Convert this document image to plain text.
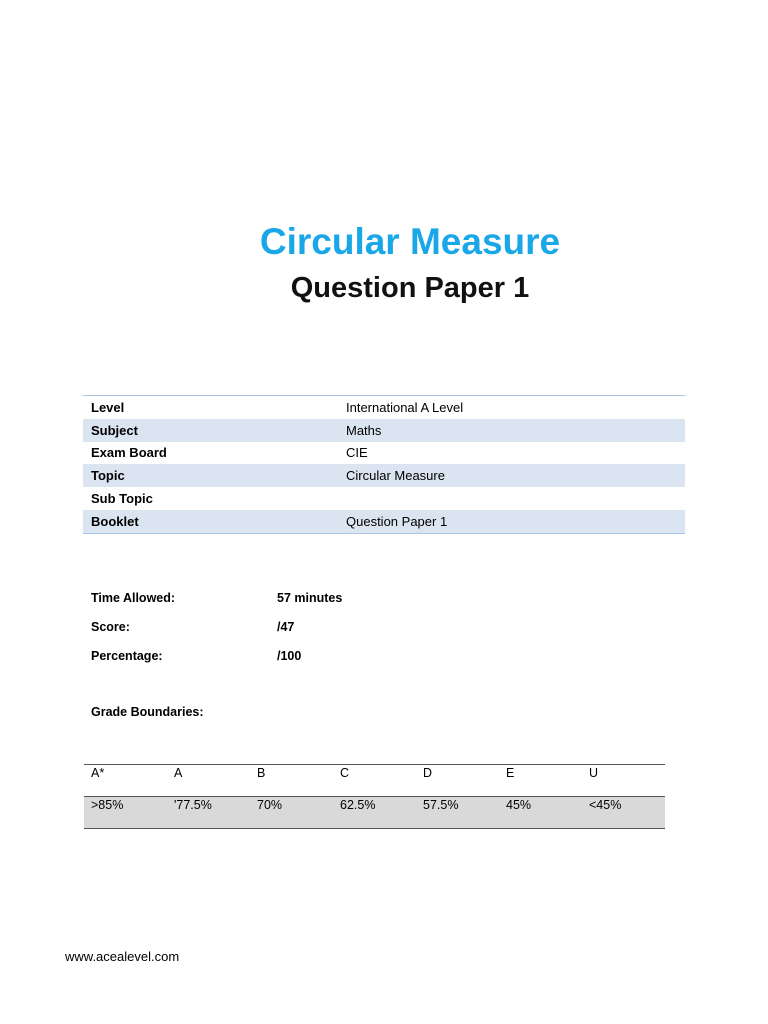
Circular Measure
Question Paper 1
Level	International A Level
Subject	Maths
Exam Board	CIE
Topic	Circular Measure
Sub Topic
Booklet	Question Paper 1
Time Allowed:	57 minutes
Score:	/47
Percentage:	/100
Grade Boundaries:
A*	A	B	C	D	E	U
>85%	'77.5%	70%	62.5%	57.5%	45%	<45%
www.acealevel.com
